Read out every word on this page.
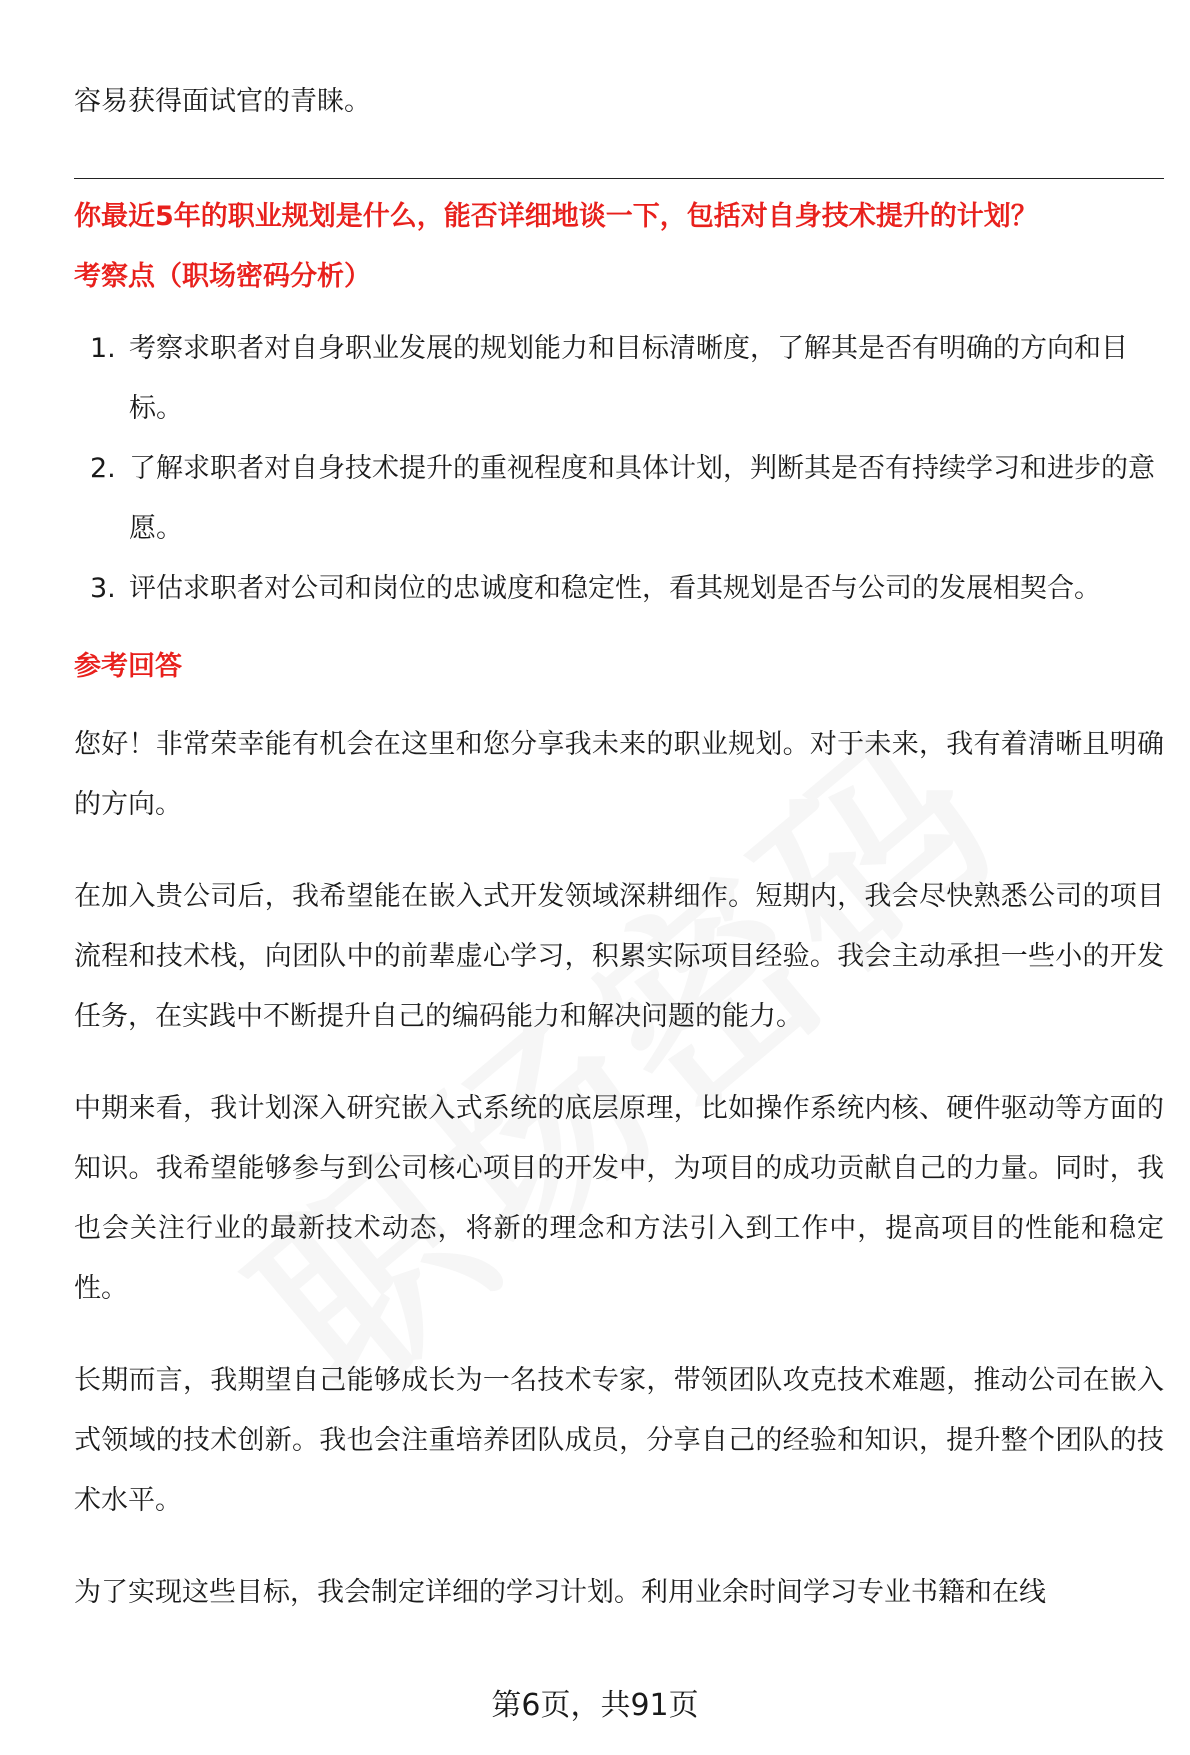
容易获得面试官的青睐。

你最近5年的职业规划是什么，能否详细地谈一下，包括对自身技术提升的计划？

考察点（职场密码分析）

1. 考察求职者对自身职业发展的规划能力和目标清晰度，了解其是否有明确的方向和目标。
2. 了解求职者对自身技术提升的重视程度和具体计划，判断其是否有持续学习和进步的意愿。
3. 评估求职者对公司和岗位的忠诚度和稳定性，看其规划是否与公司的发展相契合。

参考回答

您好！非常荣幸能有机会在这里和您分享我未来的职业规划。对于未来，我有着清晰且明确的方向。

在加入贵公司后，我希望能在嵌入式开发领域深耕细作。短期内，我会尽快熟悉公司的项目流程和技术栈，向团队中的前辈虚心学习，积累实际项目经验。我会主动承担一些小的开发任务，在实践中不断提升自己的编码能力和解决问题的能力。

中期来看，我计划深入研究嵌入式系统的底层原理，比如操作系统内核、硬件驱动等方面的知识。我希望能够参与到公司核心项目的开发中，为项目的成功贡献自己的力量。同时，我也会关注行业的最新技术动态，将新的理念和方法引入到工作中，提高项目的性能和稳定性。

长期而言，我期望自己能够成长为一名技术专家，带领团队攻克技术难题，推动公司在嵌入式领域的技术创新。我也会注重培养团队成员，分享自己的经验和知识，提升整个团队的技术水平。

为了实现这些目标，我会制定详细的学习计划。利用业余时间学习专业书籍和在线

第6页，共91页
